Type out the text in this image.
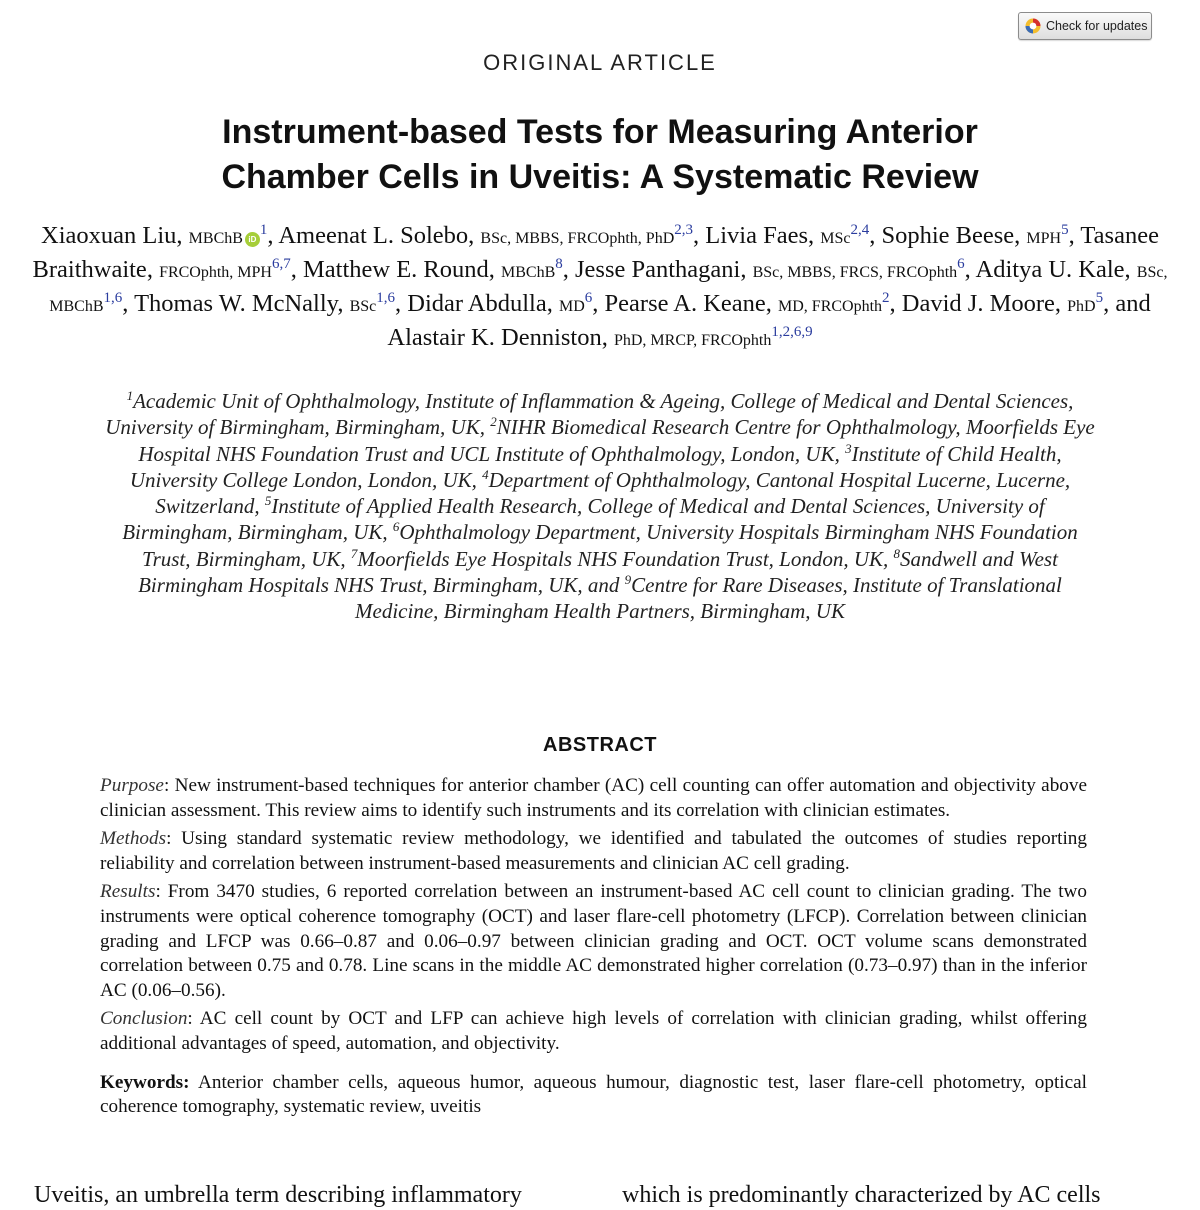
Check for updates
ORIGINAL ARTICLE
Instrument-based Tests for Measuring Anterior
Chamber Cells in Uveitis: A Systematic Review

Xiaoxuan Liu, MBChB $iD^1$, Ameenat L. Solebo, BSc, MBBS, FRCOphth, PhD$^{2,3}$, Livia Faes, MSc$^{2,4}$, Sophie Beese, MPH$^5$, Tasanee Braithwaite, FRCOphth, MPH$^{6,7}$, Matthew E. Round, MBChB$^8$, Jesse Panthagani, BSc, MBBS, FRCS, FRCOphth$^6$, Aditya U. Kale, BSc, MBChB$^{1,6}$, Thomas W. McNally, BSc$^{1,6}$, Didar Abdulla, $MD^6$, Pearse A. Keane, MD, FRCOphth$^2$, David J. Moore, PhD$^5$, and Alastair K. Denniston, PhD, MRCP, FRCOphth$^{1,2,6,9}$

$^1$Academic Unit of Ophthalmology, Institute of Inflammation & Ageing, College of Medical and Dental Sciences, University of Birmingham, Birmingham, UK, $^2$NIHR Biomedical Research Centre for Ophthalmology, Moorfields Eye Hospital NHS Foundation Trust and UCL Institute of Ophthalmology, London, UK, $^3$Institute of Child Health, University College London, London, UK, $^4$Department of Ophthalmology, Cantonal Hospital Lucerne, Lucerne, Switzerland, $^5$Institute of Applied Health Research, College of Medical and Dental Sciences, University of Birmingham, Birmingham, UK, $^6$Ophthalmology Department, University Hospitals Birmingham NHS Foundation Trust, Birmingham, UK, $^7$Moorfields Eye Hospitals NHS Foundation Trust, London, UK, $^8$Sandwell and West Birmingham Hospitals NHS Trust, Birmingham, UK, and $^9$Centre for Rare Diseases, Institute of Translational Medicine, Birmingham Health Partners, Birmingham, UK

ABSTRACT

Purpose: New instrument-based techniques for anterior chamber (AC) cell counting can offer automation and objectivity above clinician assessment. This review aims to identify such instruments and its correlation with clinician estimates.

Methods: Using standard systematic review methodology, we identified and tabulated the outcomes of studies reporting reliability and correlation between instrument-based measurements and clinician AC cell grading.

Results: From 3470 studies, 6 reported correlation between an instrument-based AC cell count to clinician grading. The two instruments were optical coherence tomography (OCT) and laser flare-cell photometry (LFCP). Correlation between clinician grading and LFCP was 0.66–0.87 and 0.06–0.97 between clinician grading and OCT. OCT volume scans demonstrated correlation between 0.75 and 0.78. Line scans in the middle AC demonstrated higher correlation (0.73–0.97) than in the inferior AC (0.06–0.56).

Conclusion: AC cell count by OCT and LFP can achieve high levels of correlation with clinician grading, whilst offering additional advantages of speed, automation, and objectivity.

Keywords: Anterior chamber cells, aqueous humor, aqueous humour, diagnostic test, laser flare-cell photometry, optical coherence tomography, systematic review, uveitis

Uveitis, an umbrella term describing inflammatory	which is predominantly characterized by AC cells
